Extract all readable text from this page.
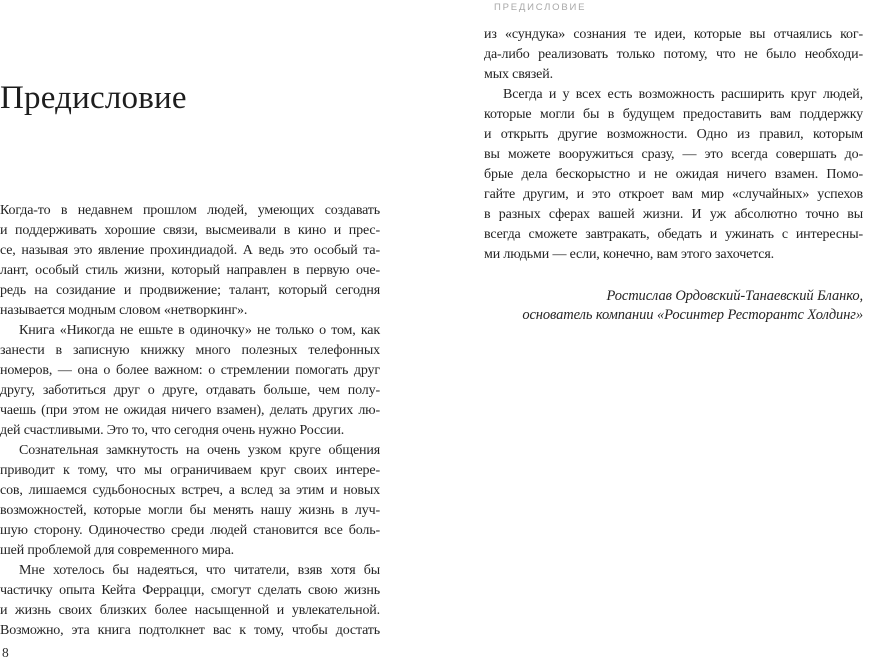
Предисловие
Когда-то в недавнем прошлом людей, умеющих создавать
и поддерживать хорошие связи, высмеивали в кино и прес-
се, называя это явление прохиндиадой. А ведь это особый та-
лант, особый стиль жизни, который направлен в первую оче-
редь на созидание и продвижение; талант, который сегодня
называется модным словом «нетворкинг».
Книга «Никогда не ешьте в одиночку» не только о том, как
занести в записную книжку много полезных телефонных
номеров, — она о более важном: о стремлении помогать друг
другу, заботиться друг о друге, отдавать больше, чем полу-
чаешь (при этом не ожидая ничего взамен), делать других лю-
дей счастливыми. Это то, что сегодня очень нужно России.
Сознательная замкнутость на очень узком круге общения
приводит к тому, что мы ограничиваем круг своих интере-
сов, лишаемся судьбоносных встреч, а вслед за этим и новых
возможностей, которые могли бы менять нашу жизнь в луч-
шую сторону. Одиночество среди людей становится все боль-
шей проблемой для современного мира.
Мне хотелось бы надеяться, что читатели, взяв хотя бы
частичку опыта Кейта Феррацци, смогут сделать свою жизнь
и жизнь своих близких более насыщенной и увлекательной.
Возможно, эта книга подтолкнет вас к тому, чтобы достать
8
ПРЕДИСЛОВИЕ
из «сундука» сознания те идеи, которые вы отчаялись ког-
да-либо реализовать только потому, что не было необходи-
мых связей.
Всегда и у всех есть возможность расширить круг людей,
которые могли бы в будущем предоставить вам поддержку
и открыть другие возможности. Одно из правил, которым
вы можете вооружиться сразу, — это всегда совершать до-
брые дела бескорыстно и не ожидая ничего взамен. Помо-
гайте другим, и это откроет вам мир «случайных» успехов
в разных сферах вашей жизни. И уж абсолютно точно вы
всегда сможете завтракать, обедать и ужинать с интересны-
ми людьми — если, конечно, вам этого захочется.
Ростислав Ордовский-Танаевский Бланко,
основатель компании «Росинтер Ресторантс Холдинг»
